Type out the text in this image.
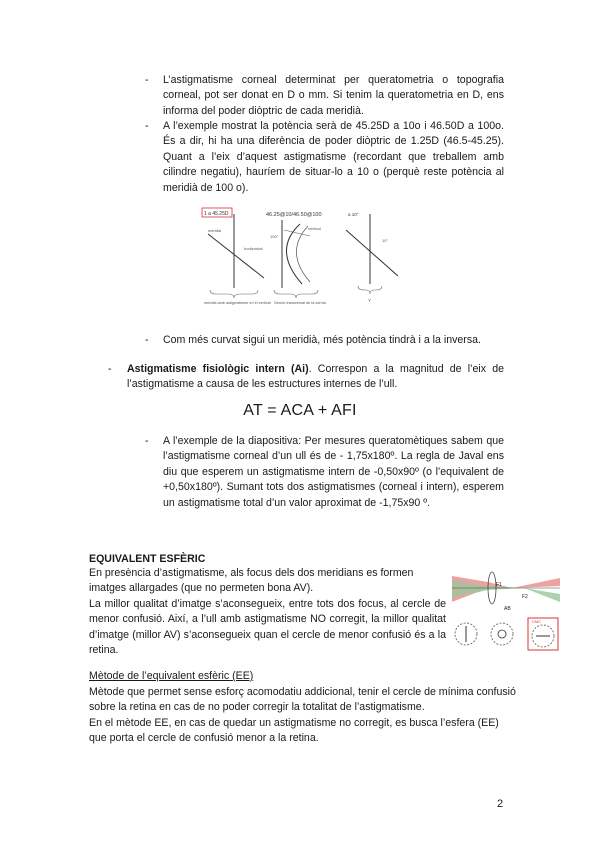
- L’astigmatisme corneal determinat per queratometria o topografia corneal, pot ser donat en D o mm. Si tenim la queratometria en D, ens informa del poder diòptric de cada meridià.
- A l’exemple mostrat la potència serà de 45.25D a 10o i 46.50D a 100o. És a dir, hi ha una diferència de poder diòptric de 1.25D (46.5-45.25). Quant a l’eix d’aquest astigmatisme (recordant que treballem amb cilindre negatiu), hauríem de situar-lo a 10 o (perquè reste potència al meridià de 100 o).
1 a 45.25D
meridià
horitzontal
meridià amb astigmatisme en el vertical
46.25@10/46.50@100
vertical
100°
Secció transversal de la còrnia
a 10°
10°
Y
- Com més curvat sigui un meridià, més potència tindrà i a la inversa.
- Astigmatisme fisiològic intern (Ai). Correspon a la magnitud de l’eix de l’astigmatisme a causa de les estructures internes de l’ull.
AT = ACA + AFI
- A l’exemple de la diapositiva: Per mesures queratomètiques sabem que l’astigmatisme corneal d’un ull és de - 1,75x180º. La regla de Javal ens diu que esperem un astigmatisme intern de -0,50x90º (o l’equivalent de +0,50x180º). Sumant tots dos astigmatismes (corneal i intern), esperem un astigmatisme total d’un valor aproximat de -1,75x90 º.
EQUIVALENT ESFÈRIC
En presència d’astigmatisme, als focus dels dos meridians es formen imatges allargades (que no permeten bona AV).
La millor qualitat d’imatge s’aconsegueix, entre tots dos focus, al cercle de menor confusió. Així, a l’ull amb astigmatisme NO corregit, la millor qualitat d’imatge (millor AV) s’aconsegueix quan el cercle de menor confusió és a la retina.
F1
F2
AB
CMC
Mètode de l’equivalent esfèric (EE)
Mètode que permet sense esforç acomodatiu addicional, tenir el cercle de mínima confusió sobre la retina en cas de no poder corregir la totalitat de l’astigmatisme.
En el mètode EE, en cas de quedar un astigmatisme no corregit, es busca l’esfera (EE) que porta el cercle de confusió menor a la retina.
2
